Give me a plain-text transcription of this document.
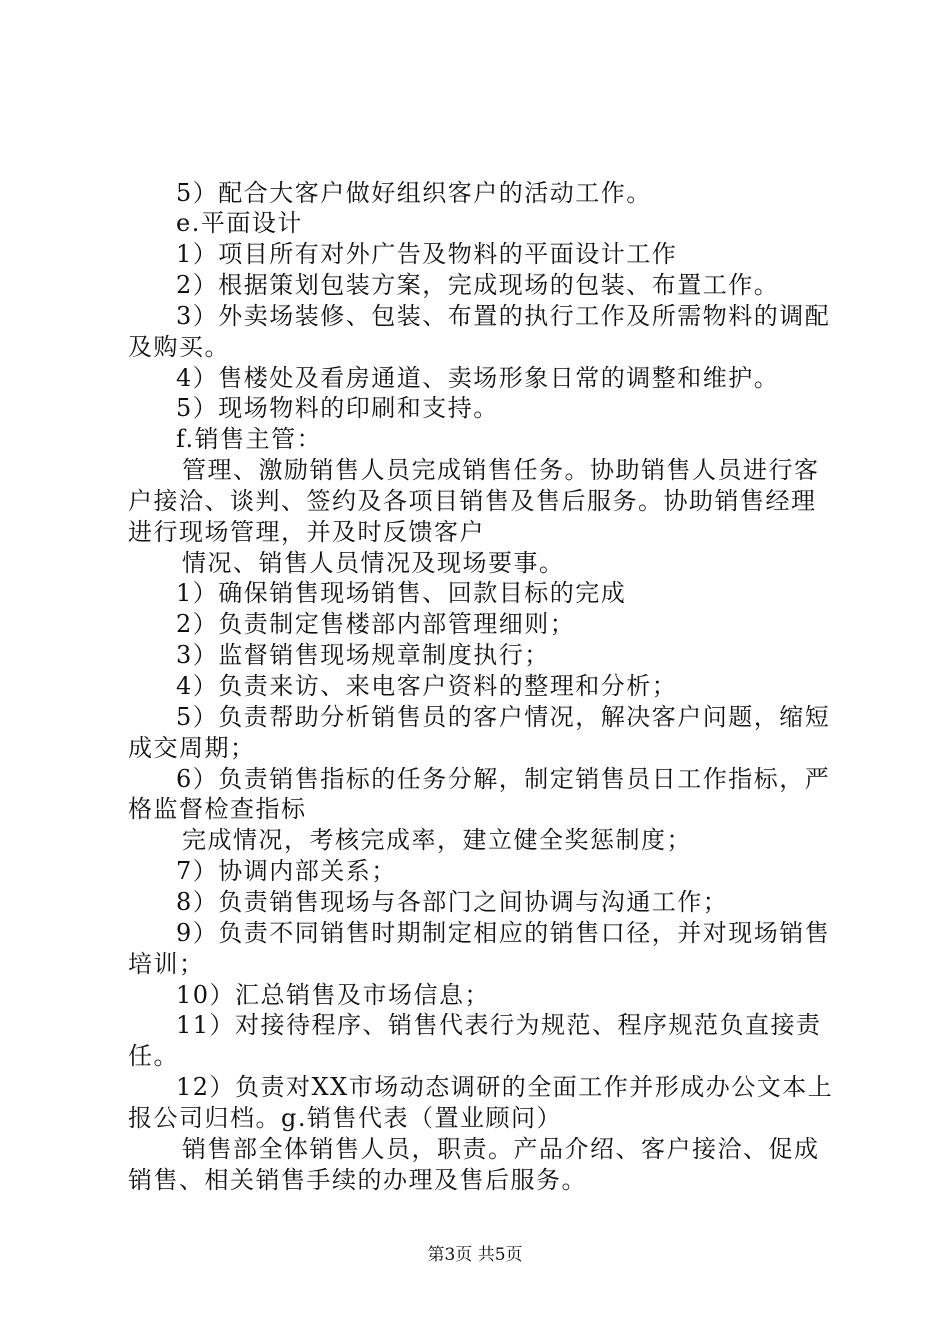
5）配合大客户做好组织客户的活动工作。
e.平面设计
1）项目所有对外广告及物料的平面设计工作
2）根据策划包装方案，完成现场的包装、布置工作。
3）外卖场装修、包装、布置的执行工作及所需物料的调配
及购买。
4）售楼处及看房通道、卖场形象日常的调整和维护。
5）现场物料的印刷和支持。
f.销售主管：
管理、激励销售人员完成销售任务。协助销售人员进行客
户接洽、谈判、签约及各项目销售及售后服务。协助销售经理
进行现场管理，并及时反馈客户
情况、销售人员情况及现场要事。
1）确保销售现场销售、回款目标的完成
2）负责制定售楼部内部管理细则；
3）监督销售现场规章制度执行；
4）负责来访、来电客户资料的整理和分析；
5）负责帮助分析销售员的客户情况，解决客户问题，缩短
成交周期；
6）负责销售指标的任务分解，制定销售员日工作指标，严
格监督检查指标
完成情况，考核完成率，建立健全奖惩制度；
7）协调内部关系；
8）负责销售现场与各部门之间协调与沟通工作；
9）负责不同销售时期制定相应的销售口径，并对现场销售
培训；
10）汇总销售及市场信息；
11）对接待程序、销售代表行为规范、程序规范负直接责
任。
12）负责对XX市场动态调研的全面工作并形成办公文本上
报公司归档。g.销售代表（置业顾问）
销售部全体销售人员，职责。产品介绍、客户接洽、促成
销售、相关销售手续的办理及售后服务。
第3页 共5页
